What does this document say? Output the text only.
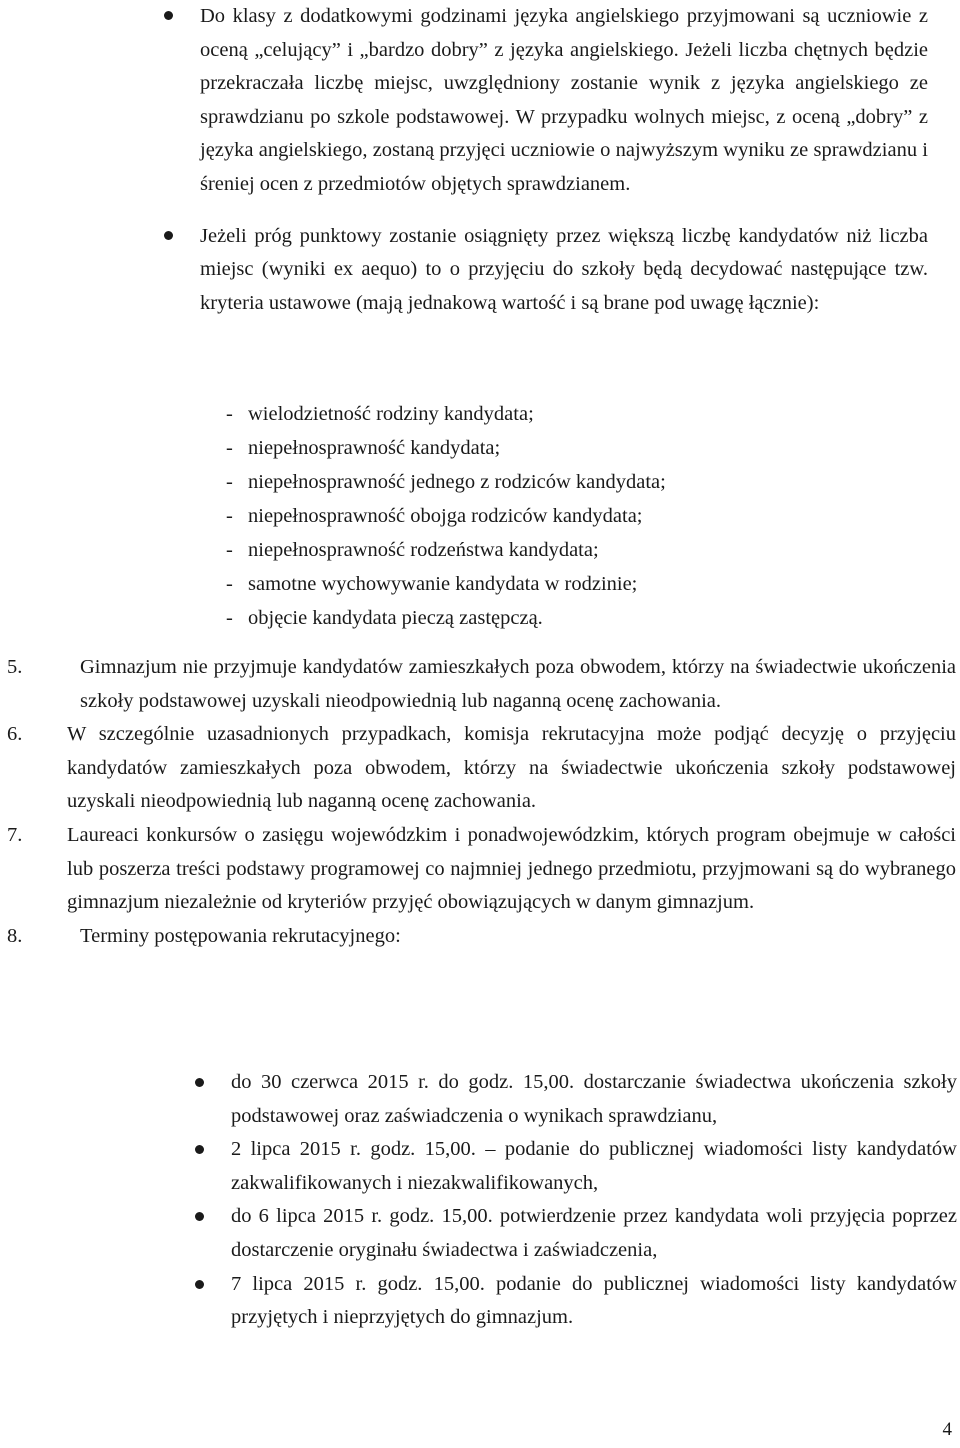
Do klasy z dodatkowymi godzinami języka angielskiego przyjmowani są uczniowie z oceną „celujący” i „bardzo dobry” z języka angielskiego. Jeżeli liczba chętnych będzie przekraczała liczbę miejsc, uwzględniony zostanie wynik z języka angielskiego ze sprawdzianu po szkole podstawowej. W przypadku wolnych miejsc, z oceną „dobry” z języka angielskiego, zostaną przyjęci uczniowie o najwyższym wyniku ze sprawdzianu i śreniej ocen z przedmiotów objętych sprawdzianem.

Jeżeli próg punktowy zostanie osiągnięty przez większą liczbę kandydatów niż liczba miejsc (wyniki ex aequo) to o przyjęciu do szkoły będą decydować następujące tzw. kryteria ustawowe (mają jednakową wartość i są brane pod uwagę łącznie):

- wielodzietność rodziny kandydata;
- niepełnosprawność kandydata;
- niepełnosprawność jednego z rodziców kandydata;
- niepełnosprawność obojga rodziców kandydata;
- niepełnosprawność rodzeństwa kandydata;
- samotne wychowywanie kandydata w rodzinie;
- objęcie kandydata pieczą zastępczą.
5.	Gimnazjum nie przyjmuje kandydatów zamieszkałych poza obwodem, którzy na świadectwie ukończenia szkoły podstawowej uzyskali nieodpowiednią lub naganną ocenę zachowania.

6. W szczególnie uzasadnionych przypadkach, komisja rekrutacyjna może podjąć decyzję o przyjęciu kandydatów zamieszkałych poza obwodem, którzy na świadectwie ukończenia szkoły podstawowej uzyskali nieodpowiednią lub naganną ocenę zachowania.

7. Laureaci konkursów o zasięgu wojewódzkim i ponadwojewódzkim, których program obejmuje w całości lub poszerza treści podstawy programowej co najmniej jednego przedmiotu, przyjmowani są do wybranego gimnazjum niezależnie od kryteriów przyjęć obowiązujących w danym gimnazjum.

8.	Terminy postępowania rekrutacyjnego:

do 30 czerwca 2015 r. do godz. 15,00. dostarczanie świadectwa ukończenia szkoły podstawowej oraz zaświadczenia o wynikach sprawdzianu,

2 lipca 2015 r. godz. 15,00. – podanie do publicznej wiadomości listy kandydatów zakwalifikowanych i niezakwalifikowanych,

do 6 lipca 2015 r. godz. 15,00. potwierdzenie przez kandydata woli przyjęcia poprzez dostarczenie oryginału świadectwa i zaświadczenia,

7 lipca 2015 r. godz. 15,00. podanie do publicznej wiadomości listy kandydatów przyjętych i nieprzyjętych do gimnazjum.

4
